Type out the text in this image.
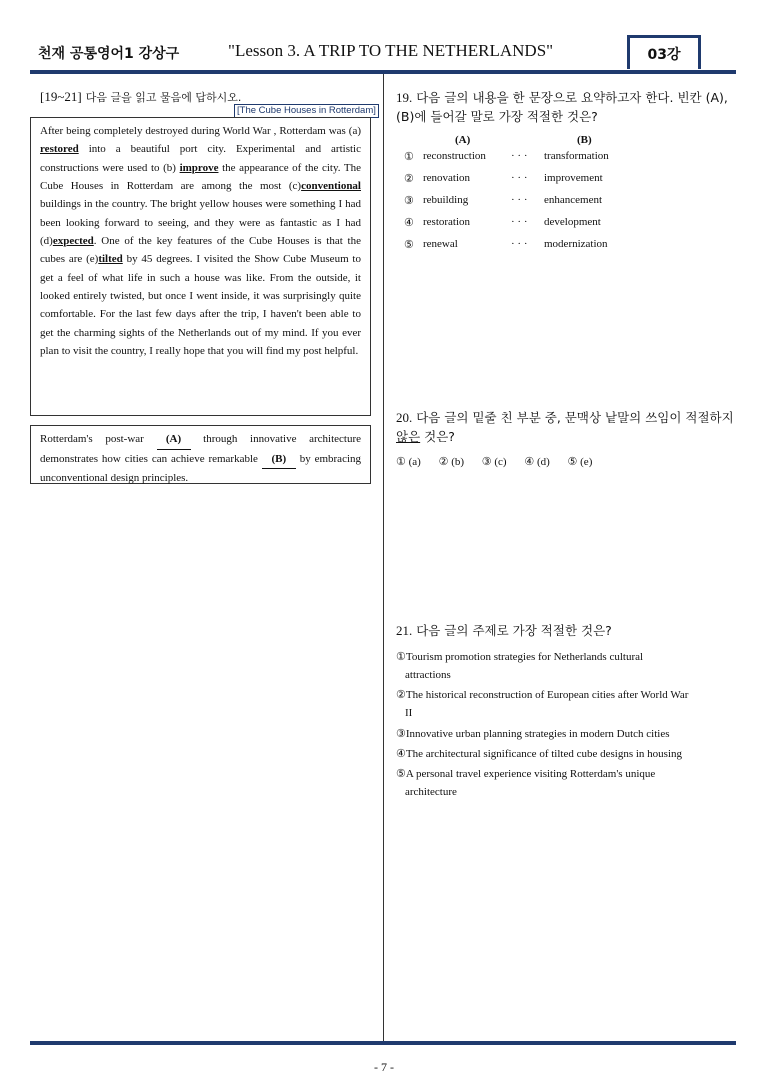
천재 공통영어1 강상구	"Lesson 3. A TRIP TO THE NETHERLANDS"	03강
[19~21] 다음 글을 읽고 물음에 답하시오.
[The Cube Houses in Rotterdam]
After being completely destroyed during World War , Rotterdam was (a) restored into a beautiful port city. Experimental and artistic constructions were used to (b) improve the appearance of the city. The Cube Houses in Rotterdam are among the most (c)conventional buildings in the country. The bright yellow houses were something I had been looking forward to seeing, and they were as fantastic as I had (d)expected. One of the key features of the Cube Houses is that the cubes are (e)tilted by 45 degrees. I visited the Show Cube Museum to get a feel of what life in such a house was like. From the outside, it looked entirely twisted, but once I went inside, it was surprisingly quite comfortable. For the last few days after the trip, I haven't been able to get the charming sights of the Netherlands out of my mind. If you ever plan to visit the country, I really hope that you will find my post helpful.
Rotterdam's post-war (A) through innovative architecture demonstrates how cities can achieve remarkable (B) by embracing unconventional design principles.
19. 다음 글의 내용을 한 문장으로 요약하고자 한다. 빈칸 (A), (B)에 들어갈 말로 가장 적절한 것은?
(A)	(B)
① reconstruction · · · transformation
② renovation	· · · improvement
③ rebuilding	· · · enhancement
④ restoration	· · · development
⑤ renewal	· · · modernization
20. 다음 글의 밑줄 친 부분 중, 문맥상 낱말의 쓰임이 적절하지
않은 것은?
① (a) ② (b) ③ (c) ④ (d) ⑤ (e)
21. 다음 글의 주제로 가장 적절한 것은?
①Tourism promotion strategies for Netherlands cultural
attractions
②The historical reconstruction of European cities after World War
II
③Innovative urban planning strategies in modern Dutch cities
④The architectural significance of tilted cube designs in housing
⑤A personal travel experience visiting Rotterdam's unique
architecture
- 7 -
